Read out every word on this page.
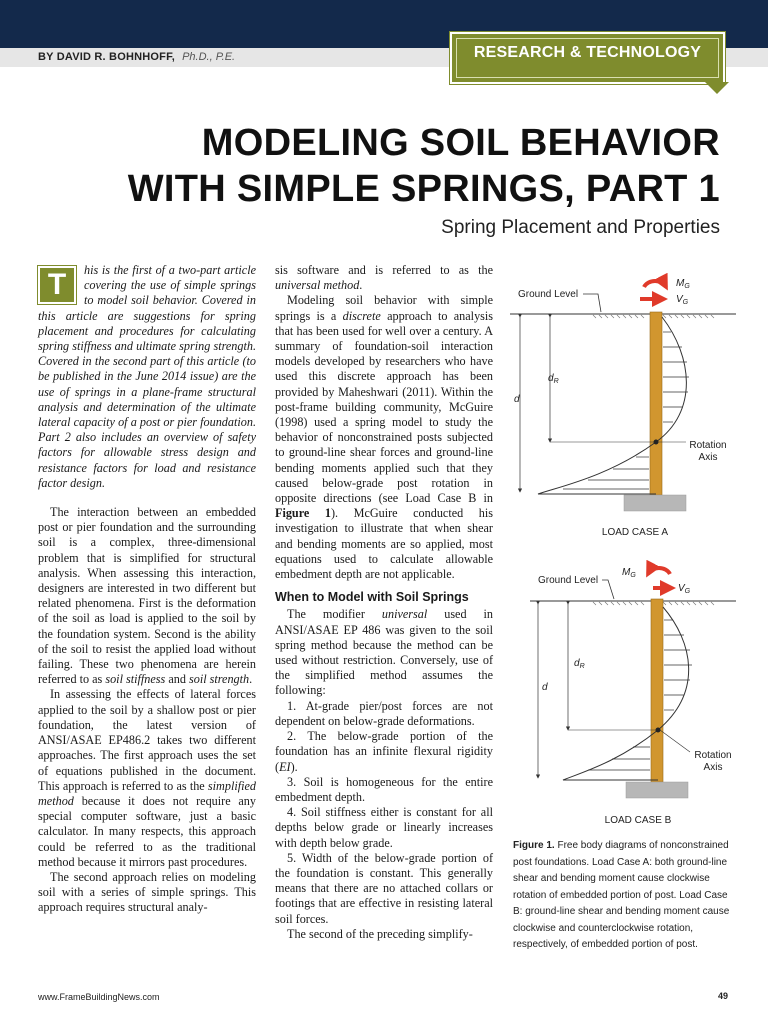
BY DAVID R. BOHNHOFF, Ph.D., P.E.	RESEARCH & TECHNOLOGY
MODELING SOIL BEHAVIOR
WITH SIMPLE SPRINGS, PART 1
Spring Placement and Properties
T	his is the first of a two-part article covering the use of simple springs to model soil behavior. Covered in this article are suggestions for spring placement and procedures for calculating spring stiffness and ultimate spring strength. Covered in the second part of this article (to be published in the June 2014 issue) are the use of springs in a plane-frame structural analysis and determination of the ultimate lateral capacity of a post or pier foundation. Part 2 also includes an overview of safety factors for allowable stress design and resistance factors for load and resistance factor design.

The interaction between an embedded post or pier foundation and the surrounding soil is a complex, three-dimensional problem that is simplified for structural analysis. When assessing this interaction, designers are interested in two different but related phenomena. First is the deformation of the soil as load is applied to the soil by the foundation system. Second is the ability of the soil to resist the applied load without failing. These two phenomena are herein referred to as soil stiffness and soil strength.

In assessing the effects of lateral forces applied to the soil by a shallow post or pier foundation, the latest version of ANSI/ASAE EP486.2 takes two different approaches. The first approach uses the set of equations published in the document. This approach is referred to as the simplified method because it does not require any special computer software, just a basic calculator. In many respects, this approach could be referred to as the traditional method because it mirrors past procedures.

The second approach relies on modeling soil with a series of simple springs. This approach requires structural analy-

sis software and is referred to as the universal method.

Modeling soil behavior with simple springs is a discrete approach to analysis that has been used for well over a century. A summary of foundation-soil interaction models developed by researchers who have used this discrete approach has been provided by Maheshwari (2011). Within the post-frame building community, McGuire (1998) used a spring model to study the behavior of nonconstrained posts subjected to ground-line shear forces and ground-line bending moments applied such that they caused below-grade post rotation in opposite directions (see Load Case B in Figure 1). McGuire conducted his investigation to illustrate that when shear and bending moments are so applied, most equations used to calculate allowable embedment depth are not applicable.

When to Model with Soil Springs

The modifier universal used in ANSI/ASAE EP 486 was given to the soil spring method because the method can be used without restriction. Conversely, use of the simplified method assumes the following:

1. At-grade pier/post forces are not dependent on below-grade deformations.

2. The below-grade portion of the foundation has an infinite flexural rigidity (EI).

3. Soil is homogeneous for the entire embedment depth.

4. Soil stiffness either is constant for all depths below grade or linearly increases with depth below grade.

5. Width of the below-grade portion of the foundation is constant. This generally means that there are no attached collars or footings that are effective in resisting lateral soil forces.

The second of the preceding simplify-

Ground Level
$M_G$
$V_G$
$d_R$
d
Rotation
Axis
LOAD CASE A
Ground Level
$M_G$
$V_G$
$d_R$
d
Rotation
Axis
LOAD CASE B
Figure 1. Free body diagrams of nonconstrained post foundations. Load Case A: both ground-line shear and bending moment cause clockwise rotation of embedded portion of post. Load Case B: ground-line shear and bending moment cause clockwise and counterclockwise rotation, respectively, of embedded portion of post.
www.FrameBuildingNews.com	49
